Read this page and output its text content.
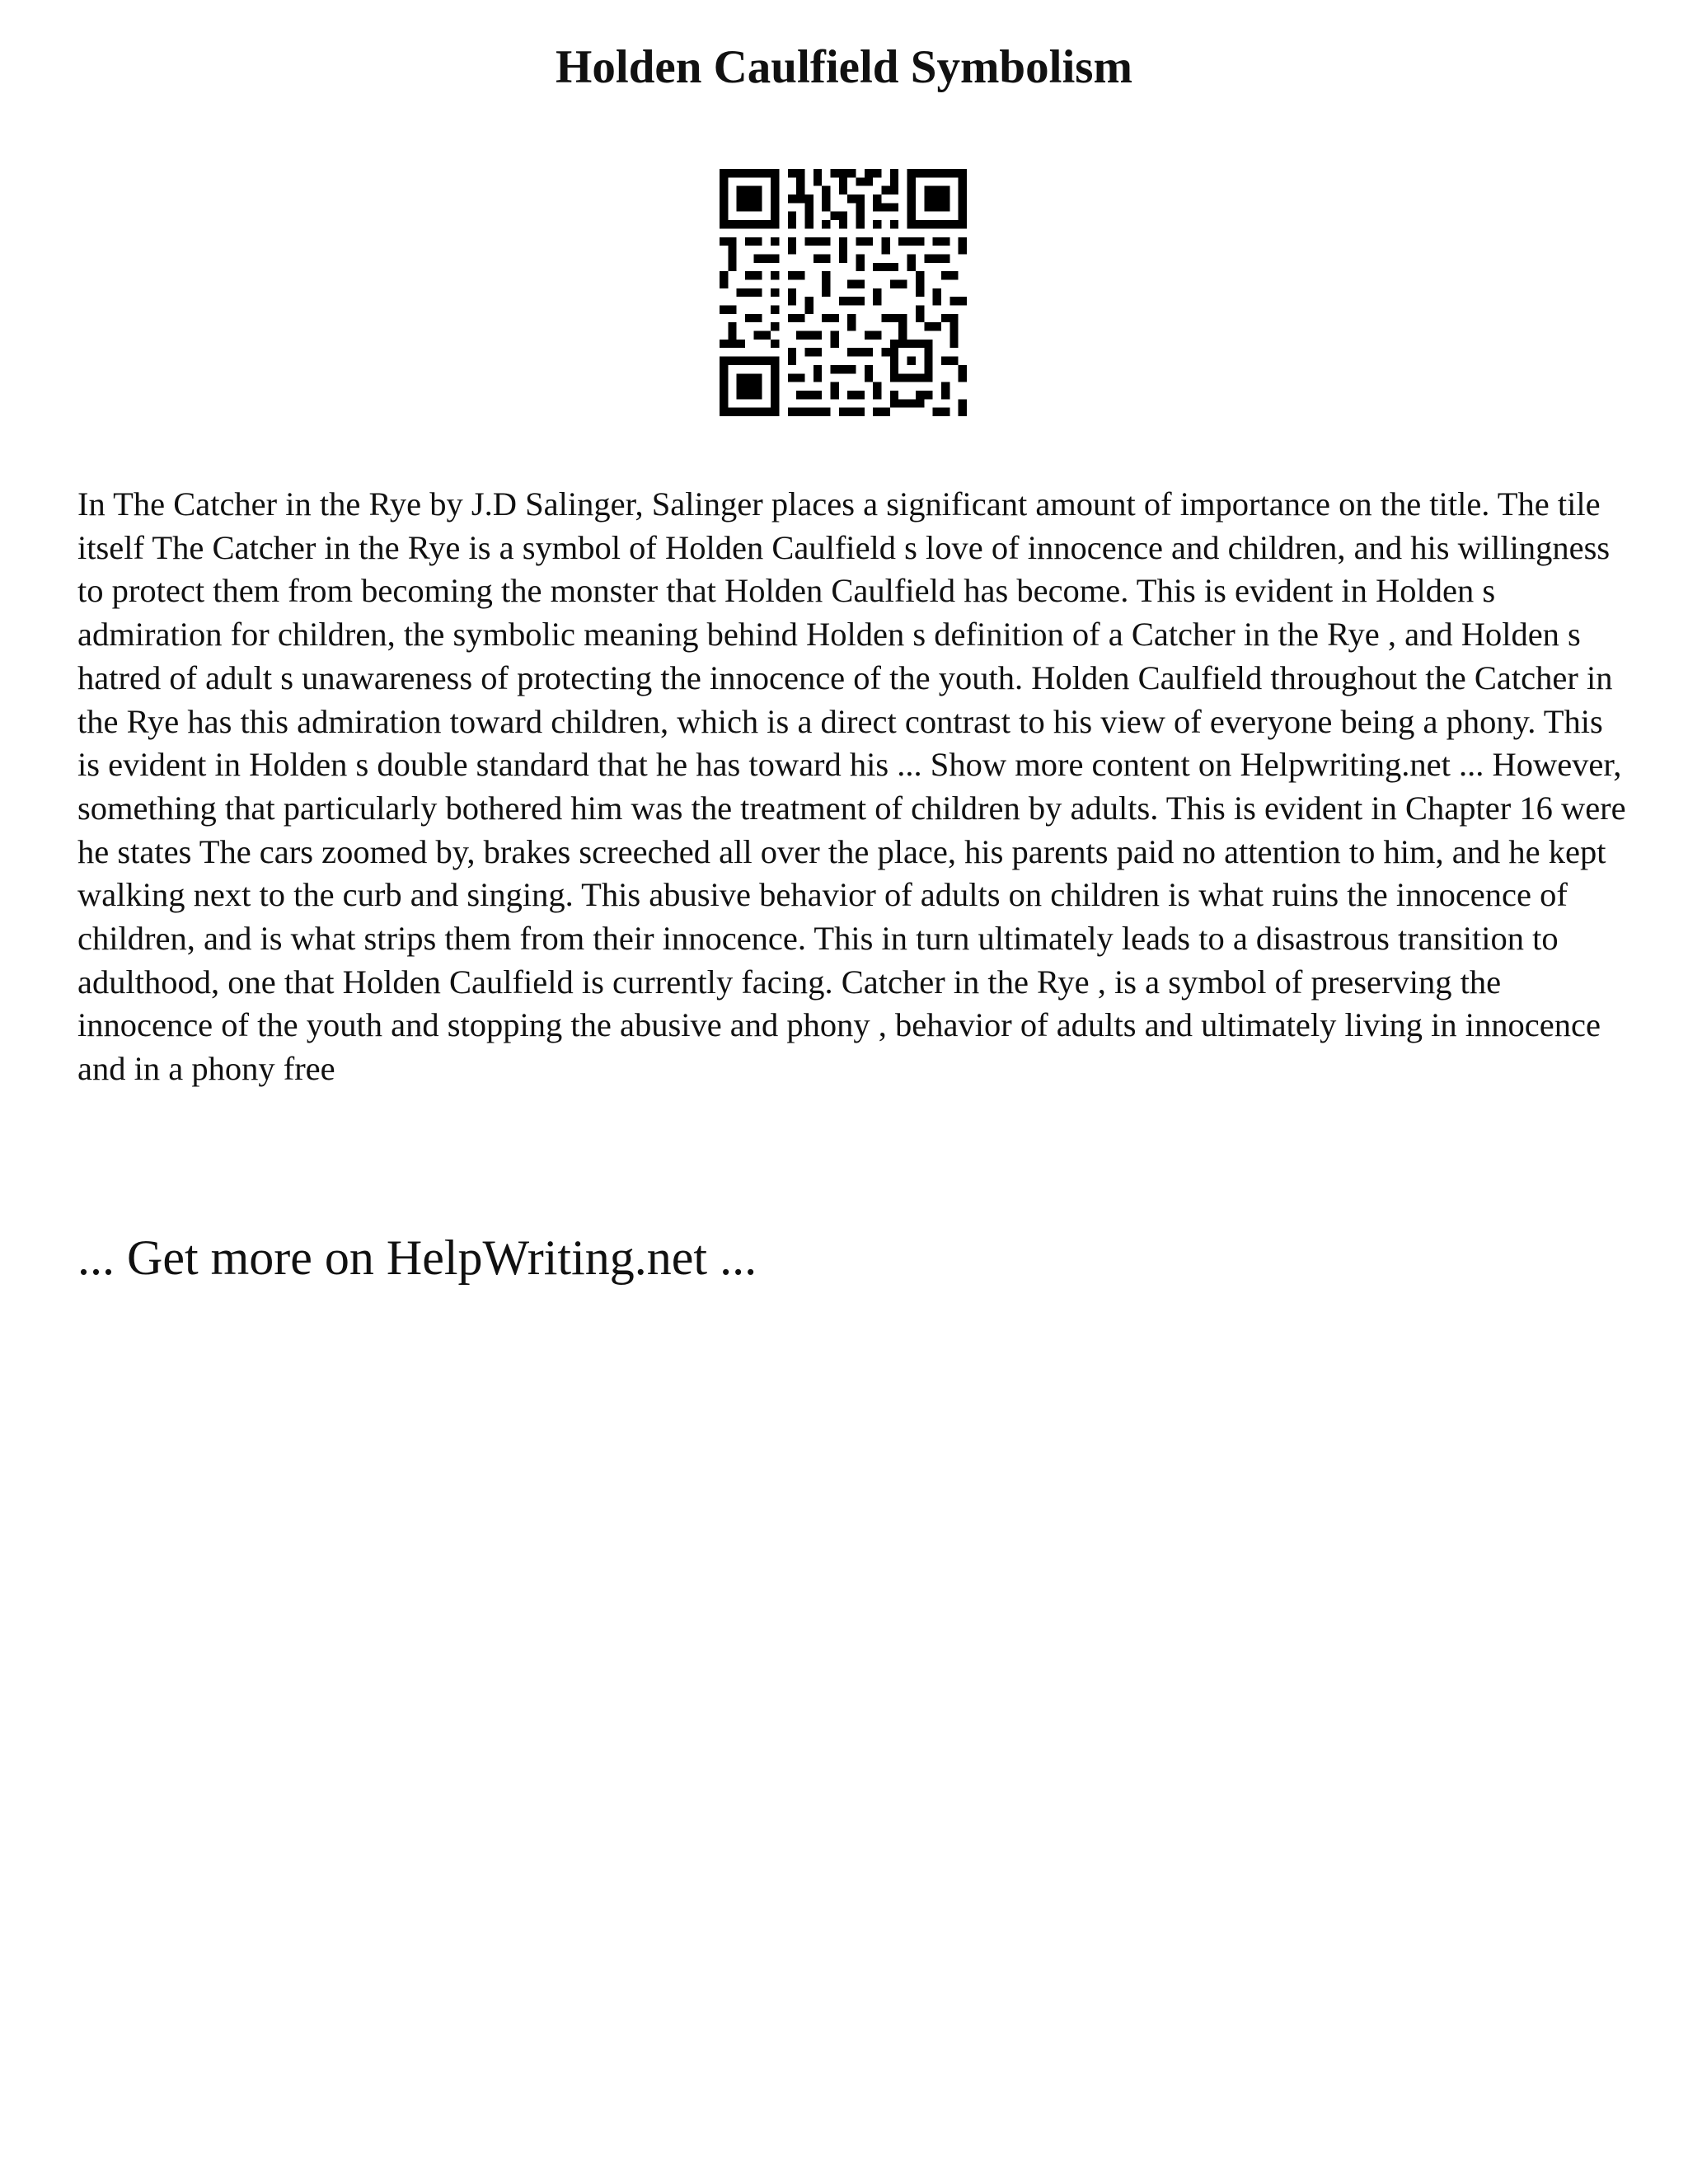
Holden Caulfield Symbolism

In The Catcher in the Rye by J.D Salinger, Salinger places a significant amount of importance on the title. The tile itself The Catcher in the Rye is a symbol of Holden Caulfield s love of innocence and children, and his willingness to protect them from becoming the monster that Holden Caulfield has become. This is evident in Holden s admiration for children, the symbolic meaning behind Holden s definition of a Catcher in the Rye , and Holden s hatred of adult s unawareness of protecting the innocence of the youth. Holden Caulfield throughout the Catcher in the Rye has this admiration toward children, which is a direct contrast to his view of everyone being a phony. This is evident in Holden s double standard that he has toward his ... Show more content on Helpwriting.net ... However, something that particularly bothered him was the treatment of children by adults. This is evident in Chapter 16 were he states The cars zoomed by, brakes screeched all over the place, his parents paid no attention to him, and he kept walking next to the curb and singing. This abusive behavior of adults on children is what ruins the innocence of children, and is what strips them from their innocence. This in turn ultimately leads to a disastrous transition to adulthood, one that Holden Caulfield is currently facing. Catcher in the Rye , is a symbol of preserving the innocence of the youth and stopping the abusive and phony , behavior of adults and ultimately living in innocence and in a phony free

... Get more on HelpWriting.net ...
